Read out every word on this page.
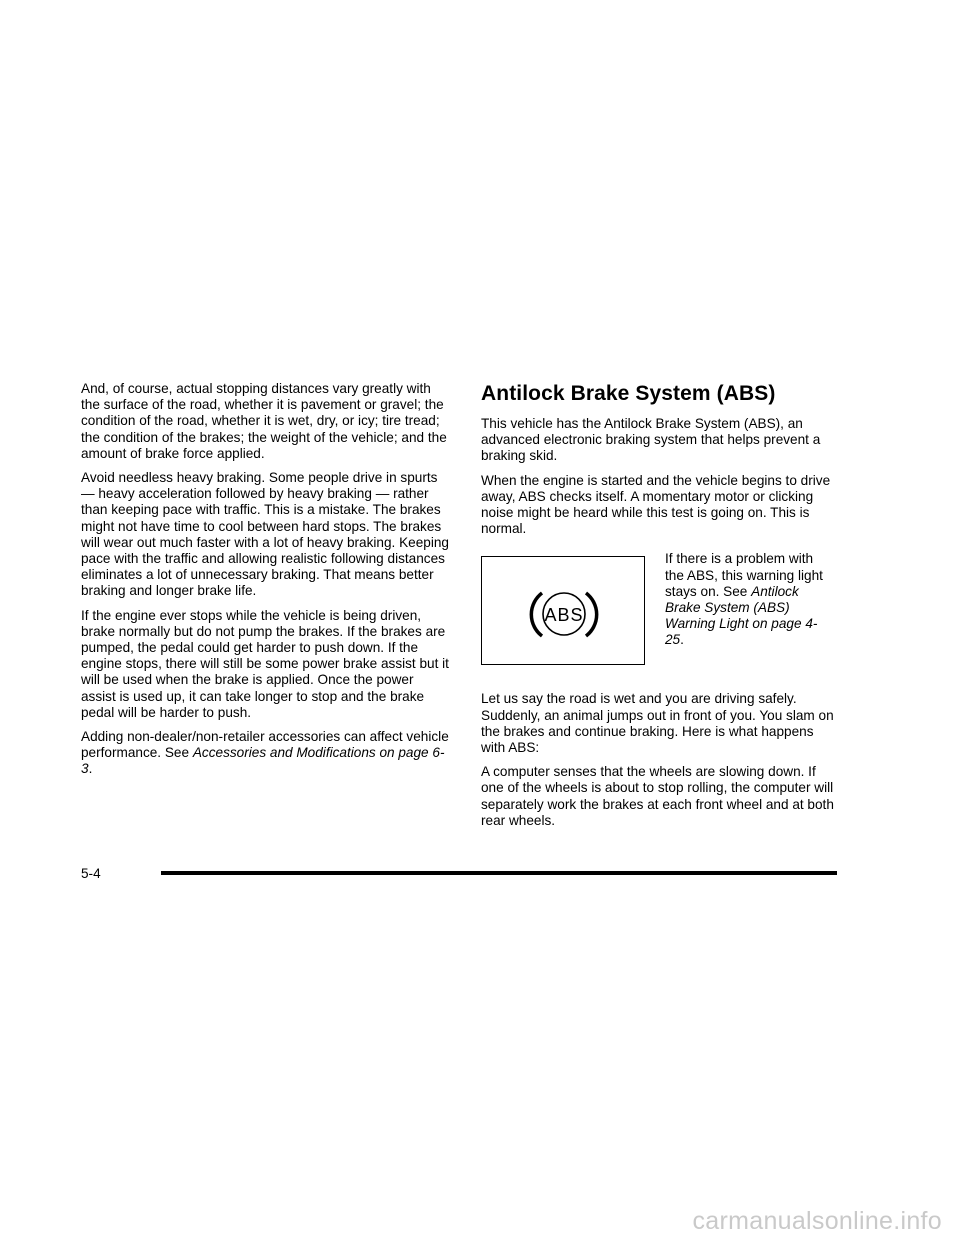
And, of course, actual stopping distances vary greatly with the surface of the road, whether it is pavement or gravel; the condition of the road, whether it is wet, dry, or icy; tire tread; the condition of the brakes; the weight of the vehicle; and the amount of brake force applied.

Avoid needless heavy braking. Some people drive in spurts — heavy acceleration followed by heavy braking — rather than keeping pace with traffic. This is a mistake. The brakes might not have time to cool between hard stops. The brakes will wear out much faster with a lot of heavy braking. Keeping pace with the traffic and allowing realistic following distances eliminates a lot of unnecessary braking. That means better braking and longer brake life.

If the engine ever stops while the vehicle is being driven, brake normally but do not pump the brakes. If the brakes are pumped, the pedal could get harder to push down. If the engine stops, there will still be some power brake assist but it will be used when the brake is applied. Once the power assist is used up, it can take longer to stop and the brake pedal will be harder to push.

Adding non-dealer/non-retailer accessories can affect vehicle performance. See Accessories and Modifications on page 6-3.

Antilock Brake System (ABS)

This vehicle has the Antilock Brake System (ABS), an advanced electronic braking system that helps prevent a braking skid.

When the engine is started and the vehicle begins to drive away, ABS checks itself. A momentary motor or clicking noise might be heard while this test is going on. This is normal.

ABS

If there is a problem with the ABS, this warning light stays on. See Antilock Brake System (ABS) Warning Light on page 4-25.

Let us say the road is wet and you are driving safely. Suddenly, an animal jumps out in front of you. You slam on the brakes and continue braking. Here is what happens with ABS:

A computer senses that the wheels are slowing down. If one of the wheels is about to stop rolling, the computer will separately work the brakes at each front wheel and at both rear wheels.

5-4
carmanualsonline.info
